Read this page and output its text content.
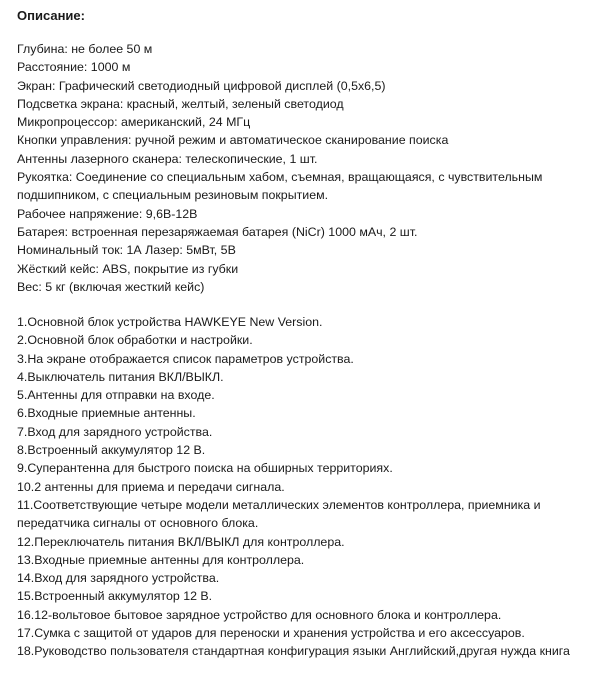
Описание:
Глубина: не более 50 м
Расстояние: 1000 м
Экран: Графический светодиодный цифровой дисплей (0,5x6,5)
Подсветка экрана: красный, желтый, зеленый светодиод
Микропроцессор: американский, 24 МГц
Кнопки управления: ручной режим и автоматическое сканирование поиска
Антенны лазерного сканера: телескопические, 1 шт.
Рукоятка: Соединение со специальным хабом, съемная, вращающаяся, с чувствительным подшипником, с специальным резиновым покрытием.
Рабочее напряжение: 9,6В-12В
Батарея: встроенная перезаряжаемая батарея (NiCr) 1000 мАч, 2 шт.
Номинальный ток: 1А Лазер: 5мВт, 5В
Жёсткий кейс: ABS, покрытие из губки
Вес: 5 кг (включая жесткий кейс)
1.Основной блок устройства HAWKEYE New Version.
2.Основной блок обработки и настройки.
3.На экране отображается список параметров устройства.
4.Выключатель питания ВКЛ/ВЫКЛ.
5.Антенны для отправки на входе.
6.Входные приемные антенны.
7.Вход для зарядного устройства.
8.Встроенный аккумулятор 12 В.
9.Суперантенна для быстрого поиска на обширных территориях.
10.2 антенны для приема и передачи сигнала.
11.Соответствующие четыре модели металлических элементов контроллера, приемника и передатчика сигналы от основного блока.
12.Переключатель питания ВКЛ/ВЫКЛ для контроллера.
13.Входные приемные антенны для контроллера.
14.Вход для зарядного устройства.
15.Встроенный аккумулятор 12 В.
16.12-вольтовое бытовое зарядное устройство для основного блока и контроллера.
17.Сумка с защитой от ударов для переноски и хранения устройства и его аксессуаров.
18.Руководство пользователя стандартная конфигурация языки Английский,другая нужда книга
